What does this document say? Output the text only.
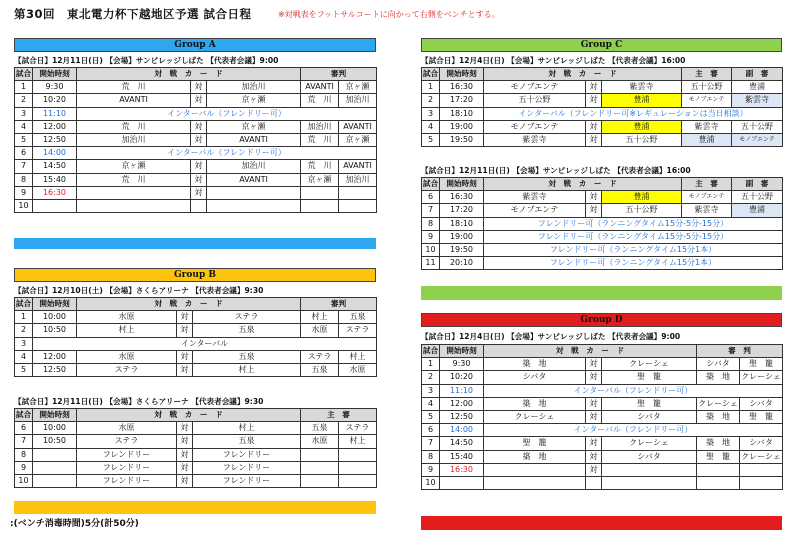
第30回　東北電力杯下越地区予選 試合日程	※対戦表をフットサルコートに向かって右側をベンチとする。
Group A
【試合日】12月11日(日) 【会場】サンビレッジしばた 【代表者会議】9:00
試合	開始時刻	対　戦　カ　ー　ド			審判	
1	9:30	荒　川	対	加治川	AVANTI	京ヶ瀬
2	10:20	AVANTI	対	京ヶ瀬	荒　川	加治川
3	11:10	インターバル（フレンドリー可）				
4	12:00	荒　川	対	京ヶ瀬	加治川	AVANTI
5	12:50	加治川	対	AVANTI	荒　川	京ヶ瀬
6	14:00	インターバル（フレンドリー可）				
7	14:50	京ヶ瀬	対	加治川	荒　川	AVANTI
8	15:40	荒　川	対	AVANTI	京ヶ瀬	加治川
9	16:30		対			
10						
Group B
【試合日】12月10日(土) 【会場】さくらアリーナ 【代表者会議】9:30
試合	開始時刻	対　戦　カ　ー　ド			審判	
1	10:00	水原	対	ステラ	村上	五泉
2	10:50	村上	対	五泉	水原	ステラ
3	インターバル					
4	12:00	水原	対	五泉	ステラ	村上
5	12:50	ステラ	対	村上	五泉	水原
【試合日】12月11日(日) 【会場】さくらアリーナ 【代表者会議】9:30
試合	開始時刻	対　戦　カ　ー　ド			主　審	
6	10:00	水原	対	村上	五泉	ステラ
7	10:50	ステラ	対	五泉	水原	村上
8		フレンドリー	対	フレンドリー		
9		フレンドリー	対	フレンドリー		
10		フレンドリー	対	フレンドリー		
:(ベンチ消毒時間)5分(計50分)
Group C
【試合日】12月4日(日) 【会場】サンビレッジしばた 【代表者会議】16:00
試合	開始時刻	対　戦　カ　ー　ド			主　審	副　審
1	16:30	モノブエンテ	対	紫雲寺	五十公野	豊浦
2	17:20	五十公野	対	豊浦	モノブエンテ	紫雲寺
3	18:10	インターバル（フレンドリー可※レギュレーションは当日相談）				
4	19:00	モノブエンテ	対	豊浦	紫雲寺	五十公野
5	19:50	紫雲寺	対	五十公野	豊浦	モノブエンテ
【試合日】12月11日(日) 【会場】サンビレッジしばた 【代表者会議】16:00
試合	開始時刻	対　戦　カ　ー　ド			主　審	副　審
6	16:30	紫雲寺	対	豊浦	モノブエンテ	五十公野
7	17:20	モノブエンテ	対	五十公野	紫雲寺	豊浦
8	18:10	フレンドリー可（ランニングタイム15分-5分-15分）				
9	19:00	フレンドリー可（ランニングタイム15分-5分-15分）				
10	19:50	フレンドリー可（ランニングタイム15分1本）				
11	20:10	フレンドリー可（ランニングタイム15分1本）				
Group D
【試合日】12月4日(日) 【会場】サンビレッジしばた 【代表者会議】9:00
試合	開始時刻	対　戦　カ　ー　ド			審　判	
1	9:30	築　地	対	クレーシェ	シバタ	聖　籠
2	10:20	シバタ	対	聖　籠	築　地	クレーシェ
3	11:10	インターバル（フレンドリー可）				
4	12:00	築　地	対	聖　籠	クレーシェ	シバタ
5	12:50	クレーシェ	対	シバタ	築　地	聖　籠
6	14:00	インターバル（フレンドリー可）				
7	14:50	聖　籠	対	クレーシェ	築　地	シバタ
8	15:40	築　地	対	シバタ	聖　籠	クレーシェ
9	16:30		対			
10						
